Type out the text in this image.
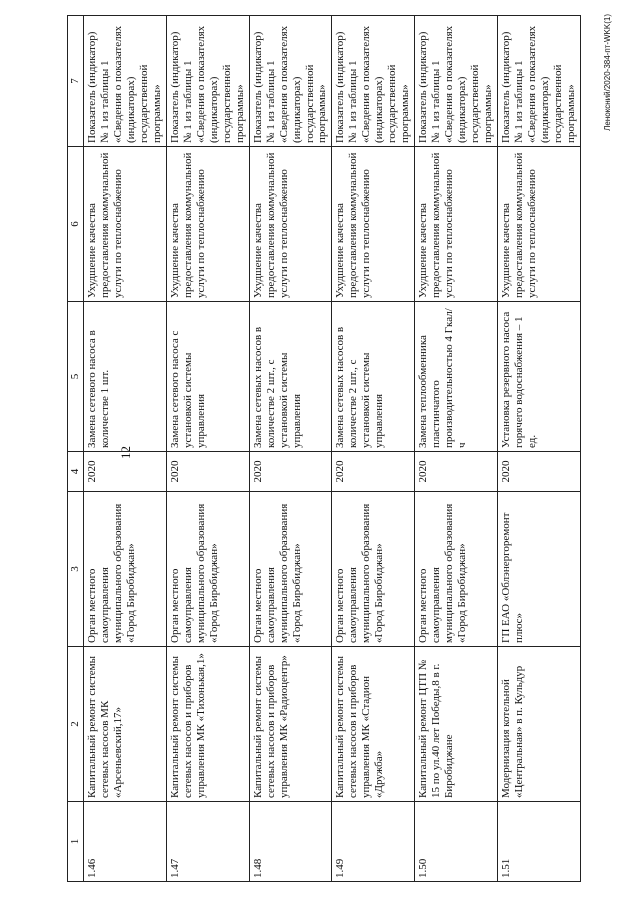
12
1	2	3	4	5	6	7
1.46	Капитальный ремонт системы сетевых насосов МК «Арсеньевский,17»	Орган местного самоуправления муниципального образования «Город Биробиджан»	2020	Замена сетевого насоса в количестве 1 шт.	Ухудшение качества предоставления коммунальной услуги по теплоснабжению	Показатель (индикатор) № 1 из таблицы 1 «Сведения о показателях (индикаторах) государственной программы»
1.47	Капитальный ремонт системы сетевых насосов и приборов управления МК «Тихонькая,1»	Орган местного самоуправления муниципального образования «Город Биробиджан»	2020	Замена сетевого насоса с установкой системы управления	Ухудшение качества предоставления коммунальной услуги по теплоснабжению	Показатель (индикатор) № 1 из таблицы 1 «Сведения о показателях (индикаторах) государственной программы»
1.48	Капитальный ремонт системы сетевых насосов и приборов управления МК «Радиоцентр»	Орган местного самоуправления муниципального образования «Город Биробиджан»	2020	Замена сетевых насосов в количестве 2 шт., с установкой системы управления	Ухудшение качества предоставления коммунальной услуги по теплоснабжению	Показатель (индикатор) № 1 из таблицы 1 «Сведения о показателях (индикаторах) государственной программы»
1.49	Капитальный ремонт системы сетевых насосов и приборов управления МК «Стадион «Дружба»	Орган местного самоуправления муниципального образования «Город Биробиджан»	2020	Замена сетевых насосов в количестве 2 шт., с установкой системы управления	Ухудшение качества предоставления коммунальной услуги по теплоснабжению	Показатель (индикатор) № 1 из таблицы 1 «Сведения о показателях (индикаторах) государственной программы»
1.50	Капитальный ремонт ЦТП № 15 по ул.40 лет Победы,8 в г. Биробиджане	Орган местного самоуправления муниципального образования «Город Биробиджан»	2020	Замена теплообменника пластинчатого производительностью 4 Гкал/ч	Ухудшение качества предоставления коммунальной услуги по теплоснабжению	Показатель (индикатор) № 1 из таблицы 1 «Сведения о показателях (индикаторах) государственной программы»
1.51	Модернизация котельной «Центральная» в п. Кульдур	ГП ЕАО «Облэнергоремонт плюс»	2020	Установка резервного насоса горячего водоснабжения – 1 ед.	Ухудшение качества предоставления коммунальной услуги по теплоснабжению	Показатель (индикатор) № 1 из таблицы 1 «Сведения о показателях (индикаторах) государственной программы»	Леноксний/2020-384-пт-WKK(1)
